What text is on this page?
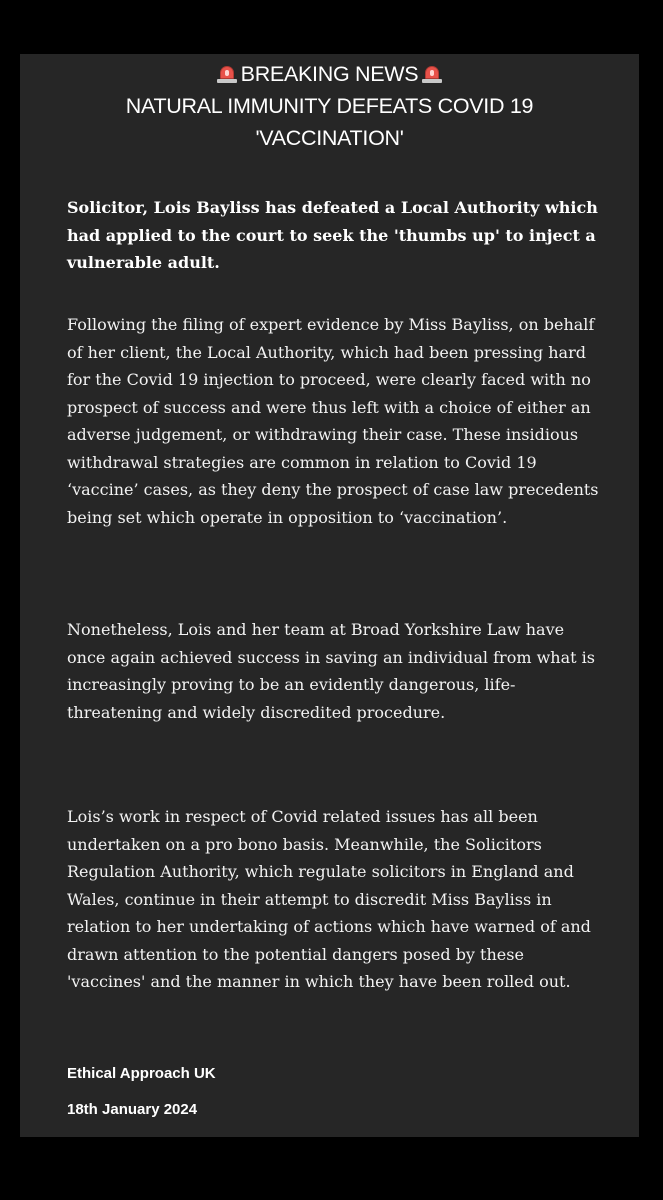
BREAKING NEWS
NATURAL IMMUNITY DEFEATS COVID 19
'VACCINATION'

Solicitor, Lois Bayliss has defeated a Local Authority which had applied to the court to seek the 'thumbs up' to inject a vulnerable adult.

Following the filing of expert evidence by Miss Bayliss, on behalf of her client, the Local Authority, which had been pressing hard for the Covid 19 injection to proceed, were clearly faced with no prospect of success and were thus left with a choice of either an adverse judgement, or withdrawing their case. These insidious withdrawal strategies are common in relation to Covid 19 ‘vaccine’ cases, as they deny the prospect of case law precedents being set which operate in opposition to ‘vaccination’.

Nonetheless, Lois and her team at Broad Yorkshire Law have once again achieved success in saving an individual from what is increasingly proving to be an evidently dangerous, life-threatening and widely discredited procedure.

Lois’s work in respect of Covid related issues has all been undertaken on a pro bono basis. Meanwhile, the Solicitors Regulation Authority, which regulate solicitors in England and Wales, continue in their attempt to discredit Miss Bayliss in relation to her undertaking of actions which have warned of and drawn attention to the potential dangers posed by these 'vaccines' and the manner in which they have been rolled out.

Ethical Approach UK

18th January 2024
